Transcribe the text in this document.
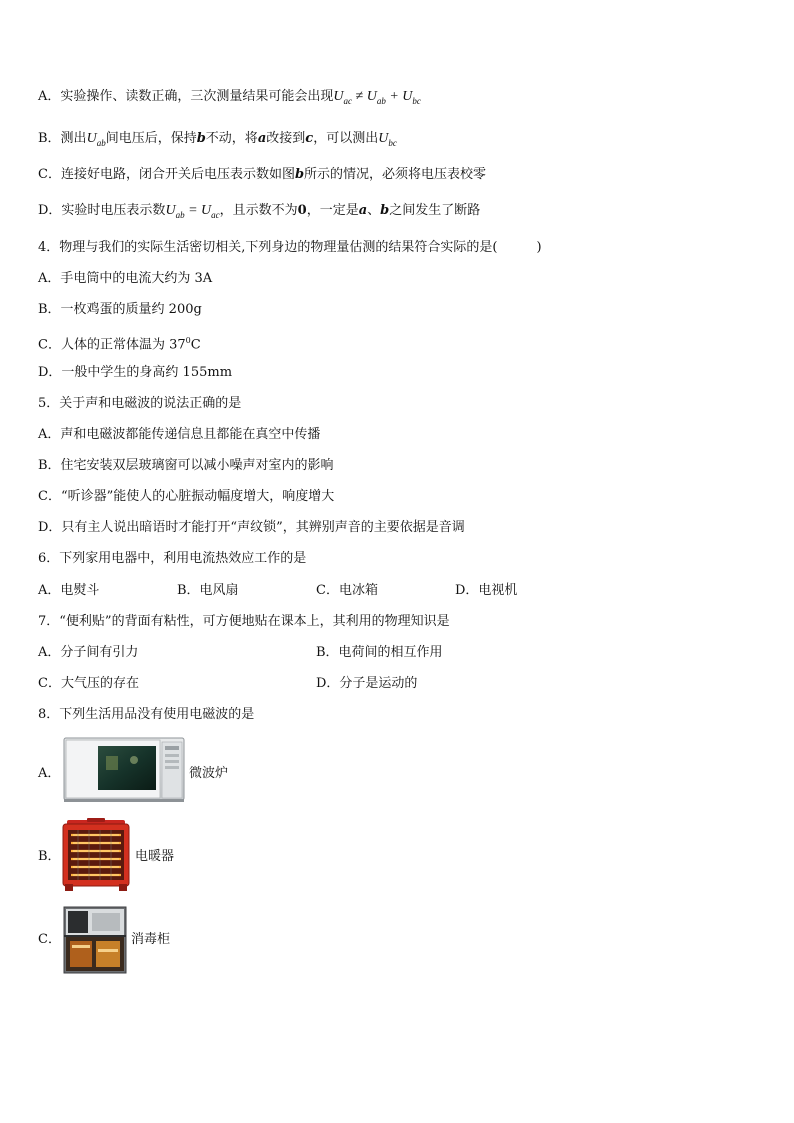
A．实验操作、读数正确，三次测量结果可能会出现$U_{ac} \ne U_{ab} + U_{bc}$
B．测出$U_{ab}$间电压后，保持b不动，将a改接到c，可以测出$U_{bc}$
C．连接好电路，闭合开关后电压表示数如图b所示的情况，必须将电压表校零
D．实验时电压表示数$U_{ab} = U_{ac}$，且示数不为0，一定是a、b之间发生了断路
4．物理与我们的实际生活密切相关,下列身边的物理量估测的结果符合实际的是(　　　)
A．手电筒中的电流大约为 3A
B．一枚鸡蛋的质量约 200g
C．人体的正常体温为 $37^0C$
D．一般中学生的身高约 155mm
5．关于声和电磁波的说法正确的是
A．声和电磁波都能传递信息且都能在真空中传播
B．住宅安装双层玻璃窗可以减小噪声对室内的影响
C．“听诊器”能使人的心脏振动幅度增大，响度增大
D．只有主人说出暗语时才能打开“声纹锁”，其辨别声音的主要依据是音调
6．下列家用电器中，利用电流热效应工作的是
A．电熨斗	B．电风扇	C．电冰箱	D．电视机
7．“便利贴”的背面有粘性，可方便地贴在课本上，其利用的物理知识是
A．分子间有引力	B．电荷间的相互作用
C．大气压的存在	D．分子是运动的
8．下列生活用品没有使用电磁波的是
A．	微波炉
B．	电暖器
C．	消毒柜
